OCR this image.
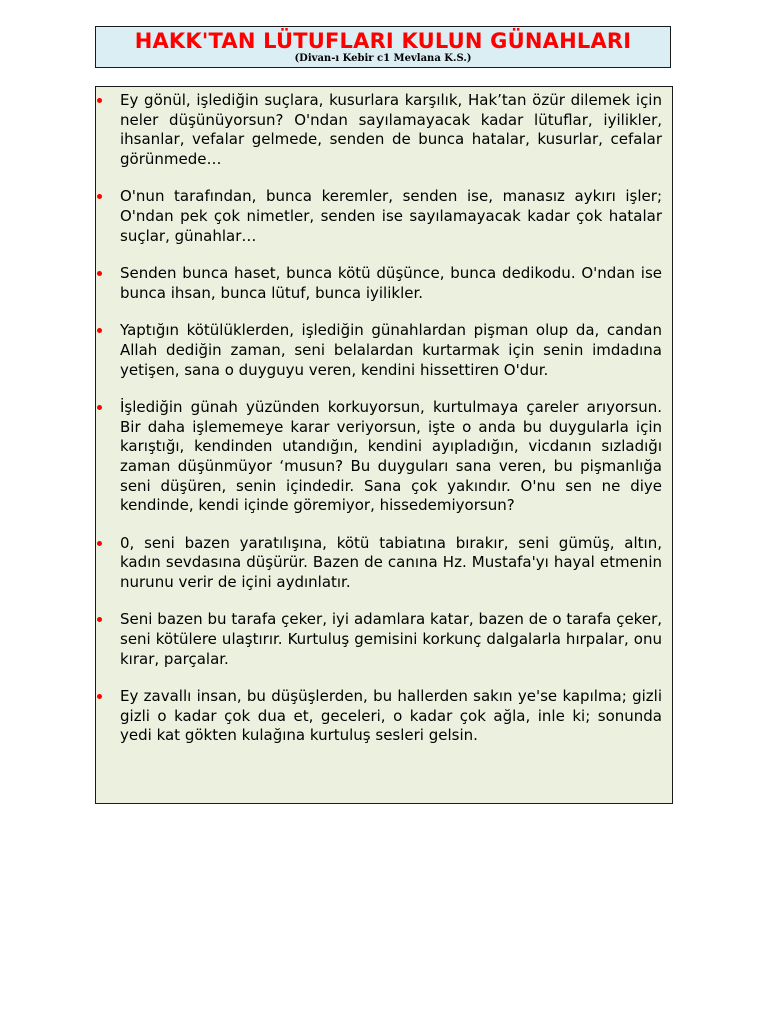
HAKK'TAN LÜTUFLARI KULUN GÜNAHLARI

(Divan-ı Kebir c1 Mevlana K.S.)

Ey gönül, işlediğin suçlara, kusurlara karşılık, Hak’tan özür dilemek için neler düşünüyorsun? O'ndan sayılamayacak kadar lütuflar, iyilikler, ihsanlar, vefalar gelmede, senden de bunca hatalar, kusurlar, cefalar görünmede…

O'nun tarafından, bunca keremler, senden ise, manasız aykırı işler; O'ndan pek çok nimetler, senden ise sayılamayacak kadar çok hatalar suçlar, günahlar…

Senden bunca haset, bunca kötü düşünce, bunca dedikodu. O'ndan ise bunca ihsan, bunca lütuf, bunca iyilikler.

Yaptığın kötülüklerden, işlediğin günahlardan pişman olup da, candan Allah dediğin zaman, seni belalardan kurtarmak için senin imdadına yetişen, sana o duyguyu veren, kendini hissettiren O'dur.

İşlediğin günah yüzünden korkuyorsun, kurtulmaya çareler arıyorsun. Bir daha işlememeye karar veriyorsun, işte o anda bu duygularla için karıştığı, kendinden utandığın, kendini ayıpladığın, vicdanın sızladığı zaman düşünmüyor ‘musun? Bu duyguları sana veren, bu pişmanlığa seni düşüren, senin içindedir. Sana çok yakındır. O'nu sen ne diye kendinde, kendi içinde göremiyor, hissedemiyorsun?

0, seni bazen yaratılışına, kötü tabiatına bırakır, seni gümüş, altın, kadın sevdasına düşürür. Bazen de canına Hz. Mustafa'yı hayal etmenin nurunu verir de içini aydınlatır.

Seni bazen bu tarafa çeker, iyi adamlara katar, bazen de o tarafa çeker, seni kötülere ulaştırır. Kurtuluş gemisini korkunç dalgalarla hırpalar, onu kırar, parçalar.

Ey zavallı insan, bu düşüşlerden, bu hallerden sakın ye'se kapılma; gizli gizli o kadar çok dua et, geceleri, o kadar çok ağla, inle ki; sonunda yedi kat gökten kulağına kurtuluş sesleri gelsin.
